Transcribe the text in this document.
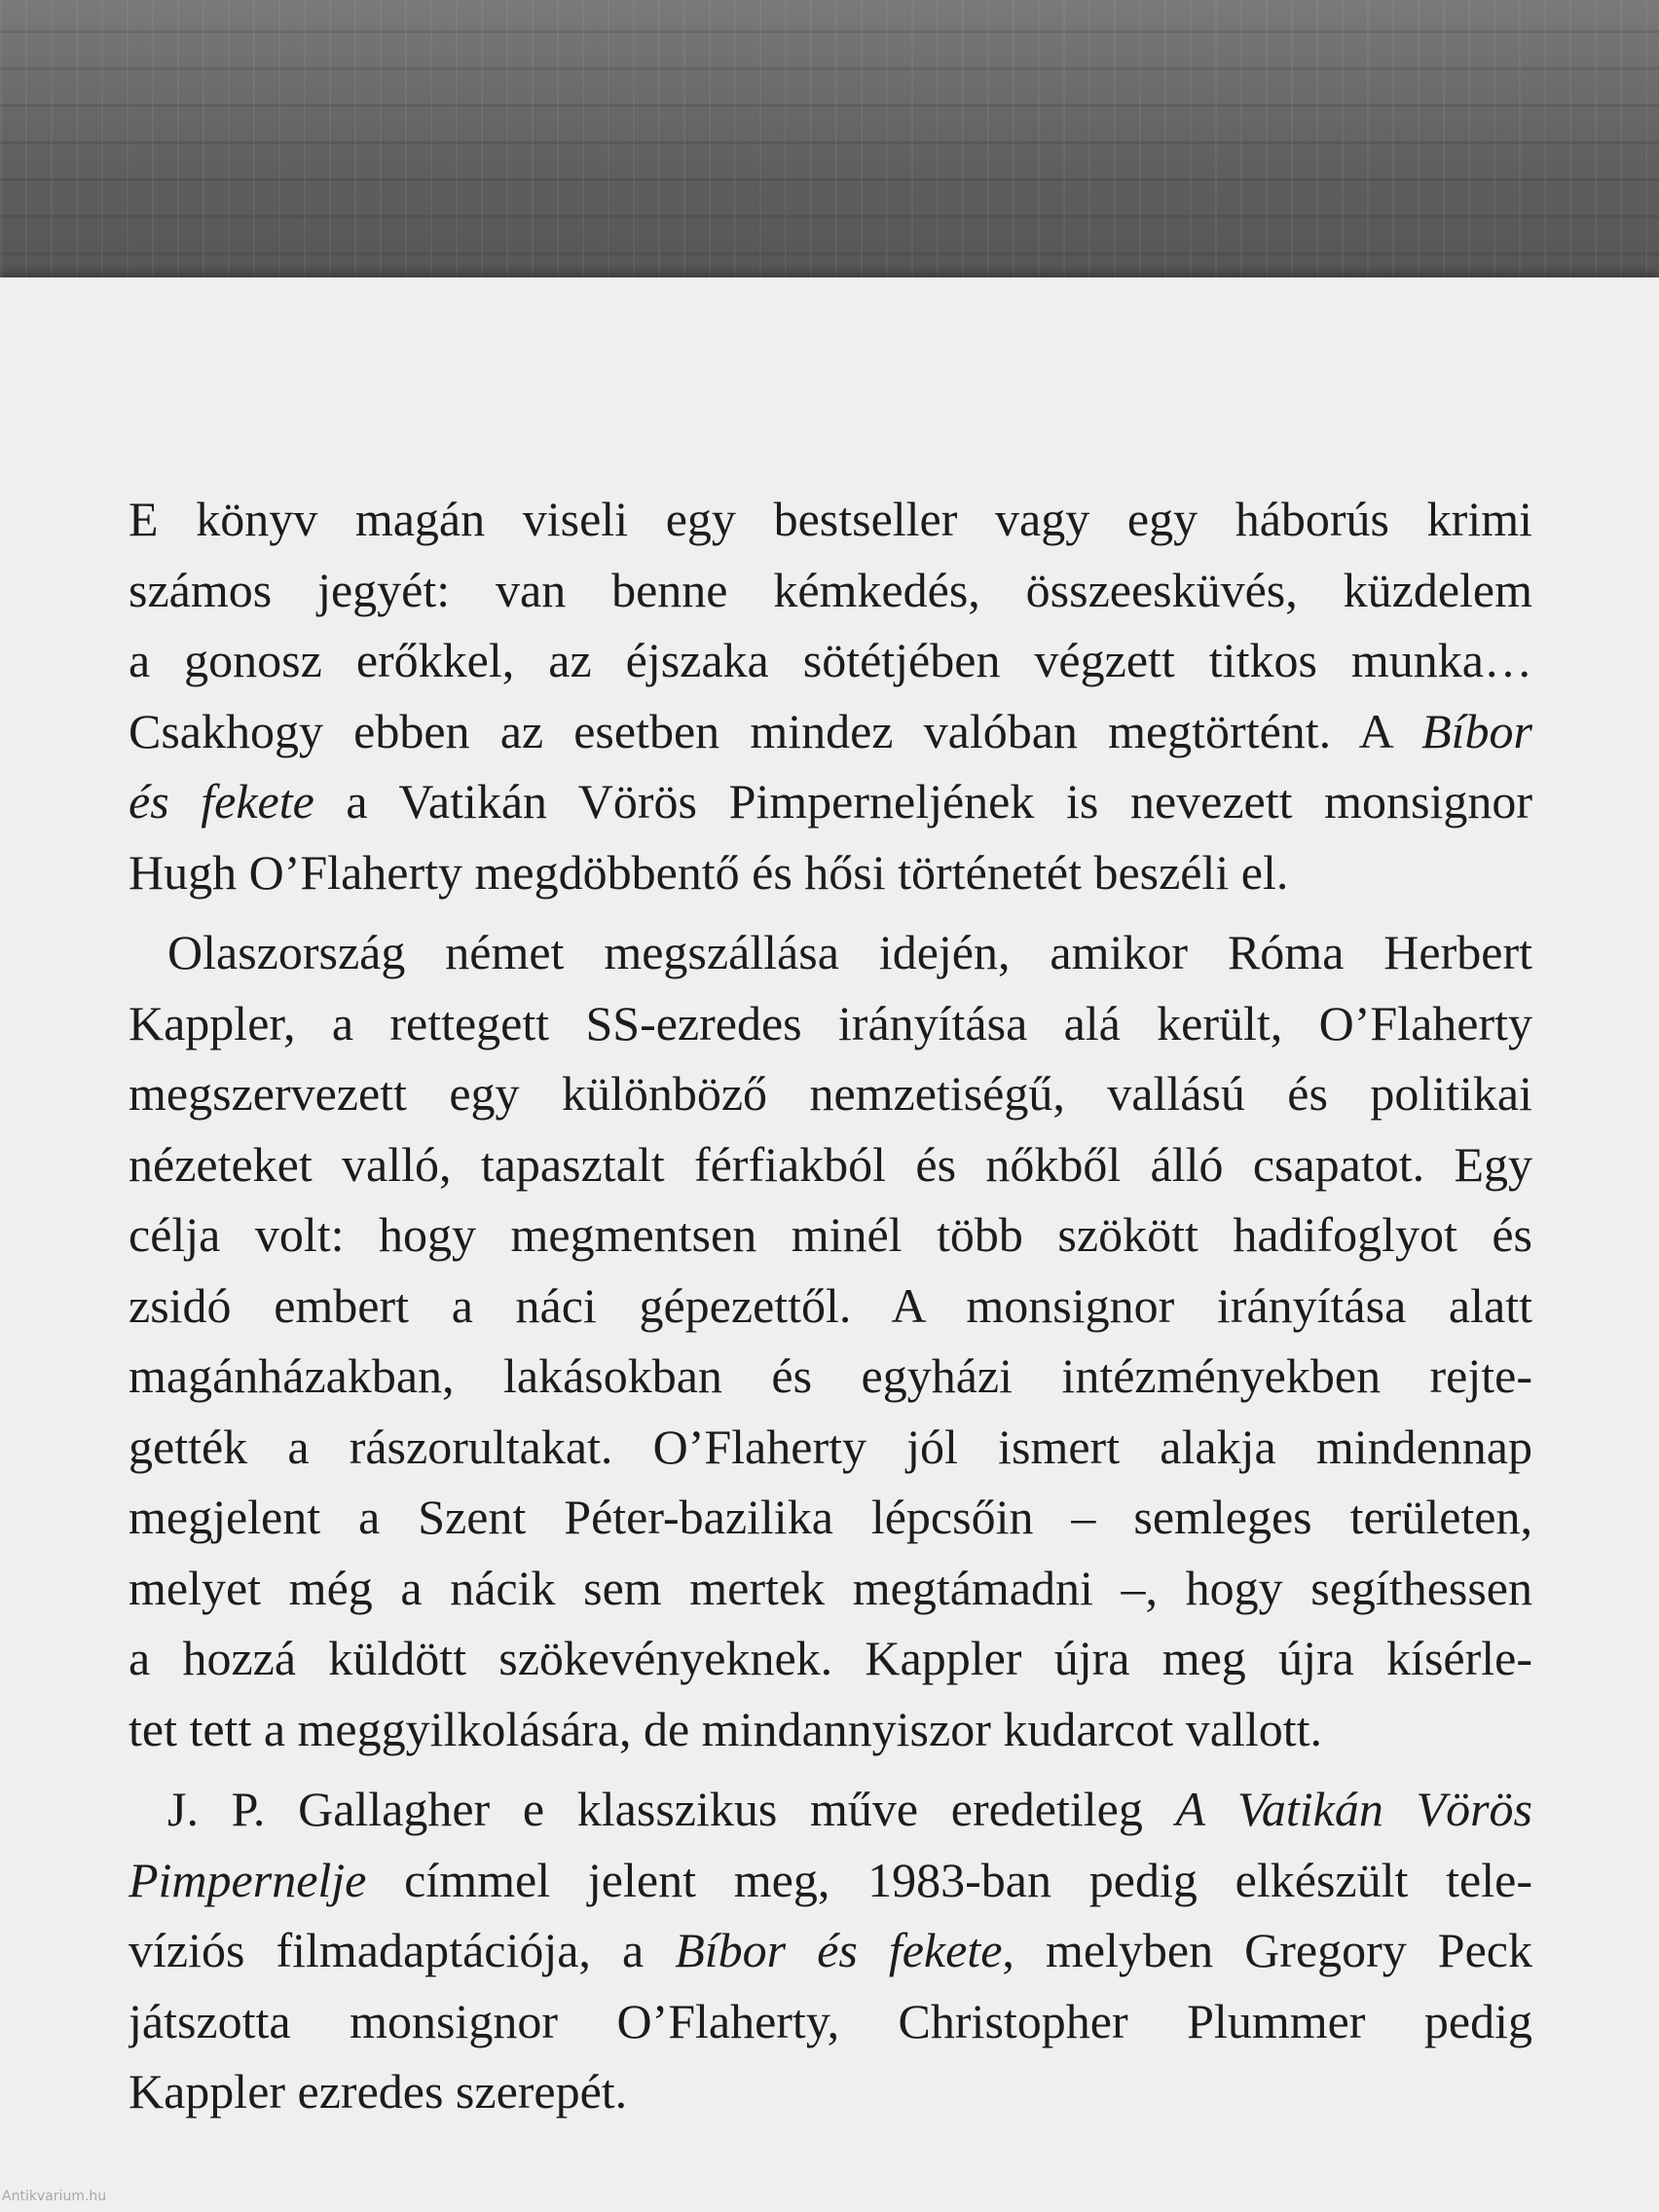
E könyv magán viseli egy bestseller vagy egy háborús krimi
számos jegyét: van benne kémkedés, összeesküvés, küzdelem
a gonosz erőkkel, az éjszaka sötétjében végzett titkos munka…
Csakhogy ebben az esetben mindez valóban megtörtént. A Bíbor
és fekete a Vatikán Vörös Pimperneljének is nevezett monsignor
Hugh O’Flaherty megdöbbentő és hősi történetét beszéli el.
Olaszország német megszállása idején, amikor Róma Herbert
Kappler, a rettegett SS-ezredes irányítása alá került, O’Flaherty
megszervezett egy különböző nemzetiségű, vallású és politikai
nézeteket valló, tapasztalt férfiakból és nőkből álló csapatot. Egy
célja volt: hogy megmentsen minél több szökött hadifoglyot és
zsidó embert a náci gépezettől. A monsignor irányítása alatt
magánházakban, lakásokban és egyházi intézményekben rejte-
gették a rászorultakat. O’Flaherty jól ismert alakja mindennap
megjelent a Szent Péter-bazilika lépcsőin – semleges területen,
melyet még a nácik sem mertek megtámadni –, hogy segíthessen
a hozzá küldött szökevényeknek. Kappler újra meg újra kísérle-
tet tett a meggyilkolására, de mindannyiszor kudarcot vallott.
J. P. Gallagher e klasszikus műve eredetileg A Vatikán Vörös
Pimpernelje címmel jelent meg, 1983-ban pedig elkészült tele-
víziós filmadaptációja, a Bíbor és fekete, melyben Gregory Peck
játszotta monsignor O’Flaherty, Christopher Plummer pedig
Kappler ezredes szerepét.
Antikvarium.hu
